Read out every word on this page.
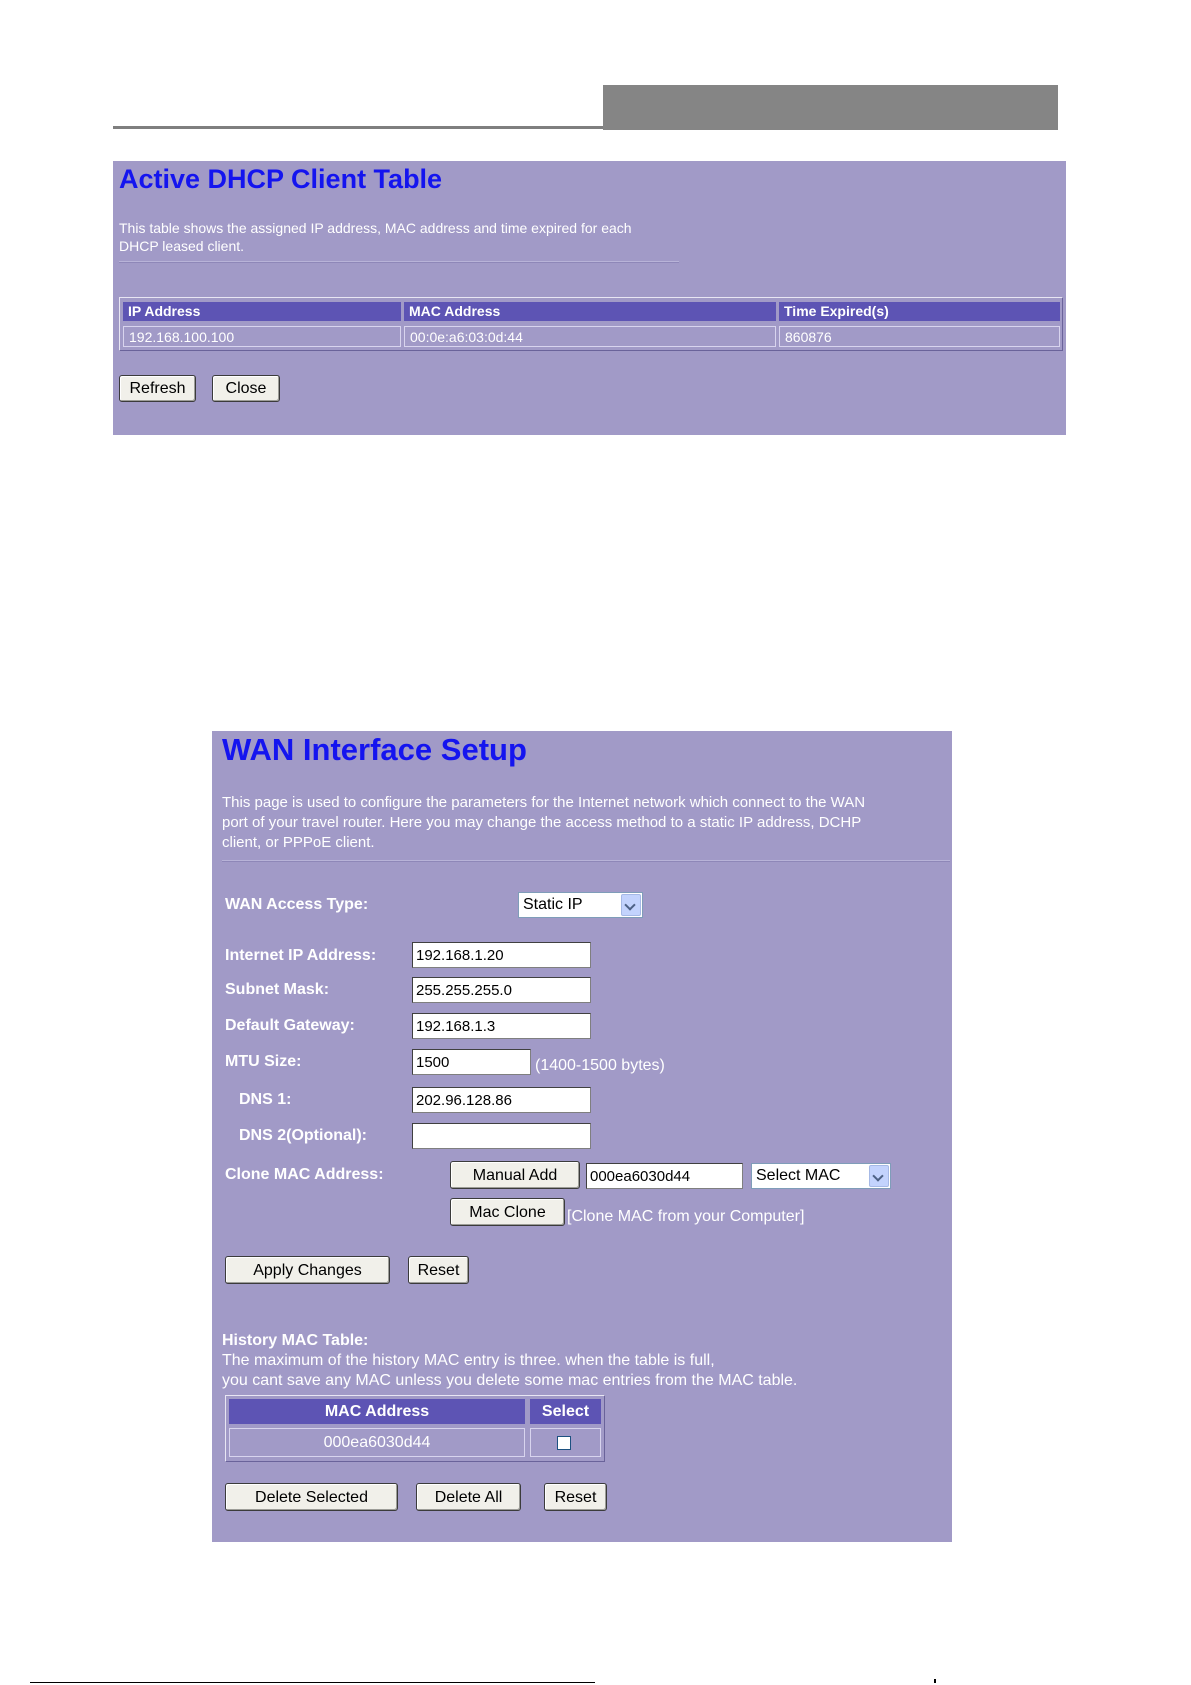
Active DHCP Client Table
This table shows the assigned IP address, MAC address and time expired for each
DHCP leased client.
IP Address	MAC Address	Time Expired(s)
192.168.100.100	00:0e:a6:03:0d:44	860876
Refresh	Close
WAN Interface Setup
This page is used to configure the parameters for the Internet network which connect to the WAN
port of your travel router. Here you may change the access method to a static IP address, DCHP
client, or PPPoE client.
WAN Access Type:	Static IP
Internet IP Address:
192.168.1.20
Subnet Mask:
255.255.255.0
Default Gateway:
192.168.1.3
MTU Size:
1500	(1400-1500 bytes)
DNS 1:
202.96.128.86
DNS 2(Optional):
Clone MAC Address:	Manual Add
000ea6030d44	Select MAC
Mac Clone	[Clone MAC from your Computer]
Apply Changes	Reset
History MAC Table:
The maximum of the history MAC entry is three. when the table is full,
you cant save any MAC unless you delete some mac entries from the MAC table.
MAC Address	Select
000ea6030d44
Delete Selected	Delete All	Reset
